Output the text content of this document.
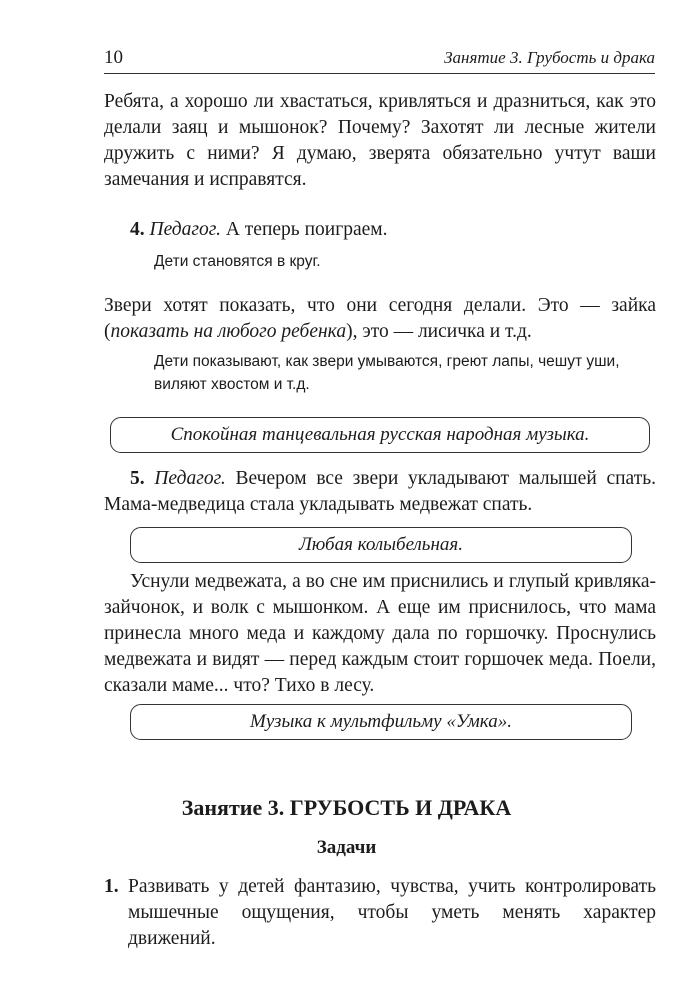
10	Занятие 3. Грубость и драка
Ребята, а хорошо ли хвастаться, кривляться и дразниться, как это делали заяц и мышонок? Почему? Захотят ли лесные жители дружить с ними? Я думаю, зверята обязательно учтут ваши замечания и исправятся.
4. Педагог. А теперь поиграем.
Дети становятся в круг.
Звери хотят показать, что они сегодня делали. Это — зайка (показать на любого ребенка), это — лисичка и т.д.
Дети показывают, как звери умываются, греют лапы, чешут уши, виляют хвостом и т.д.
Спокойная танцевальная русская народная музыка.
5. Педагог. Вечером все звери укладывают малышей спать. Мама-медведица стала укладывать медвежат спать.
Любая колыбельная.
Уснули медвежата, а во сне им приснились и глупый кривляка-зайчонок, и волк с мышонком. А еще им приснилось, что мама принесла много меда и каждому дала по горшочку. Проснулись медвежата и видят — перед каждым стоит горшочек меда. Поели, сказали маме... что? Тихо в лесу.
Музыка к мультфильму «Умка».
Занятие 3. ГРУБОСТЬ И ДРАКА
Задачи
1. Развивать у детей фантазию, чувства, учить контролировать мышечные ощущения, чтобы уметь менять характер движений.
